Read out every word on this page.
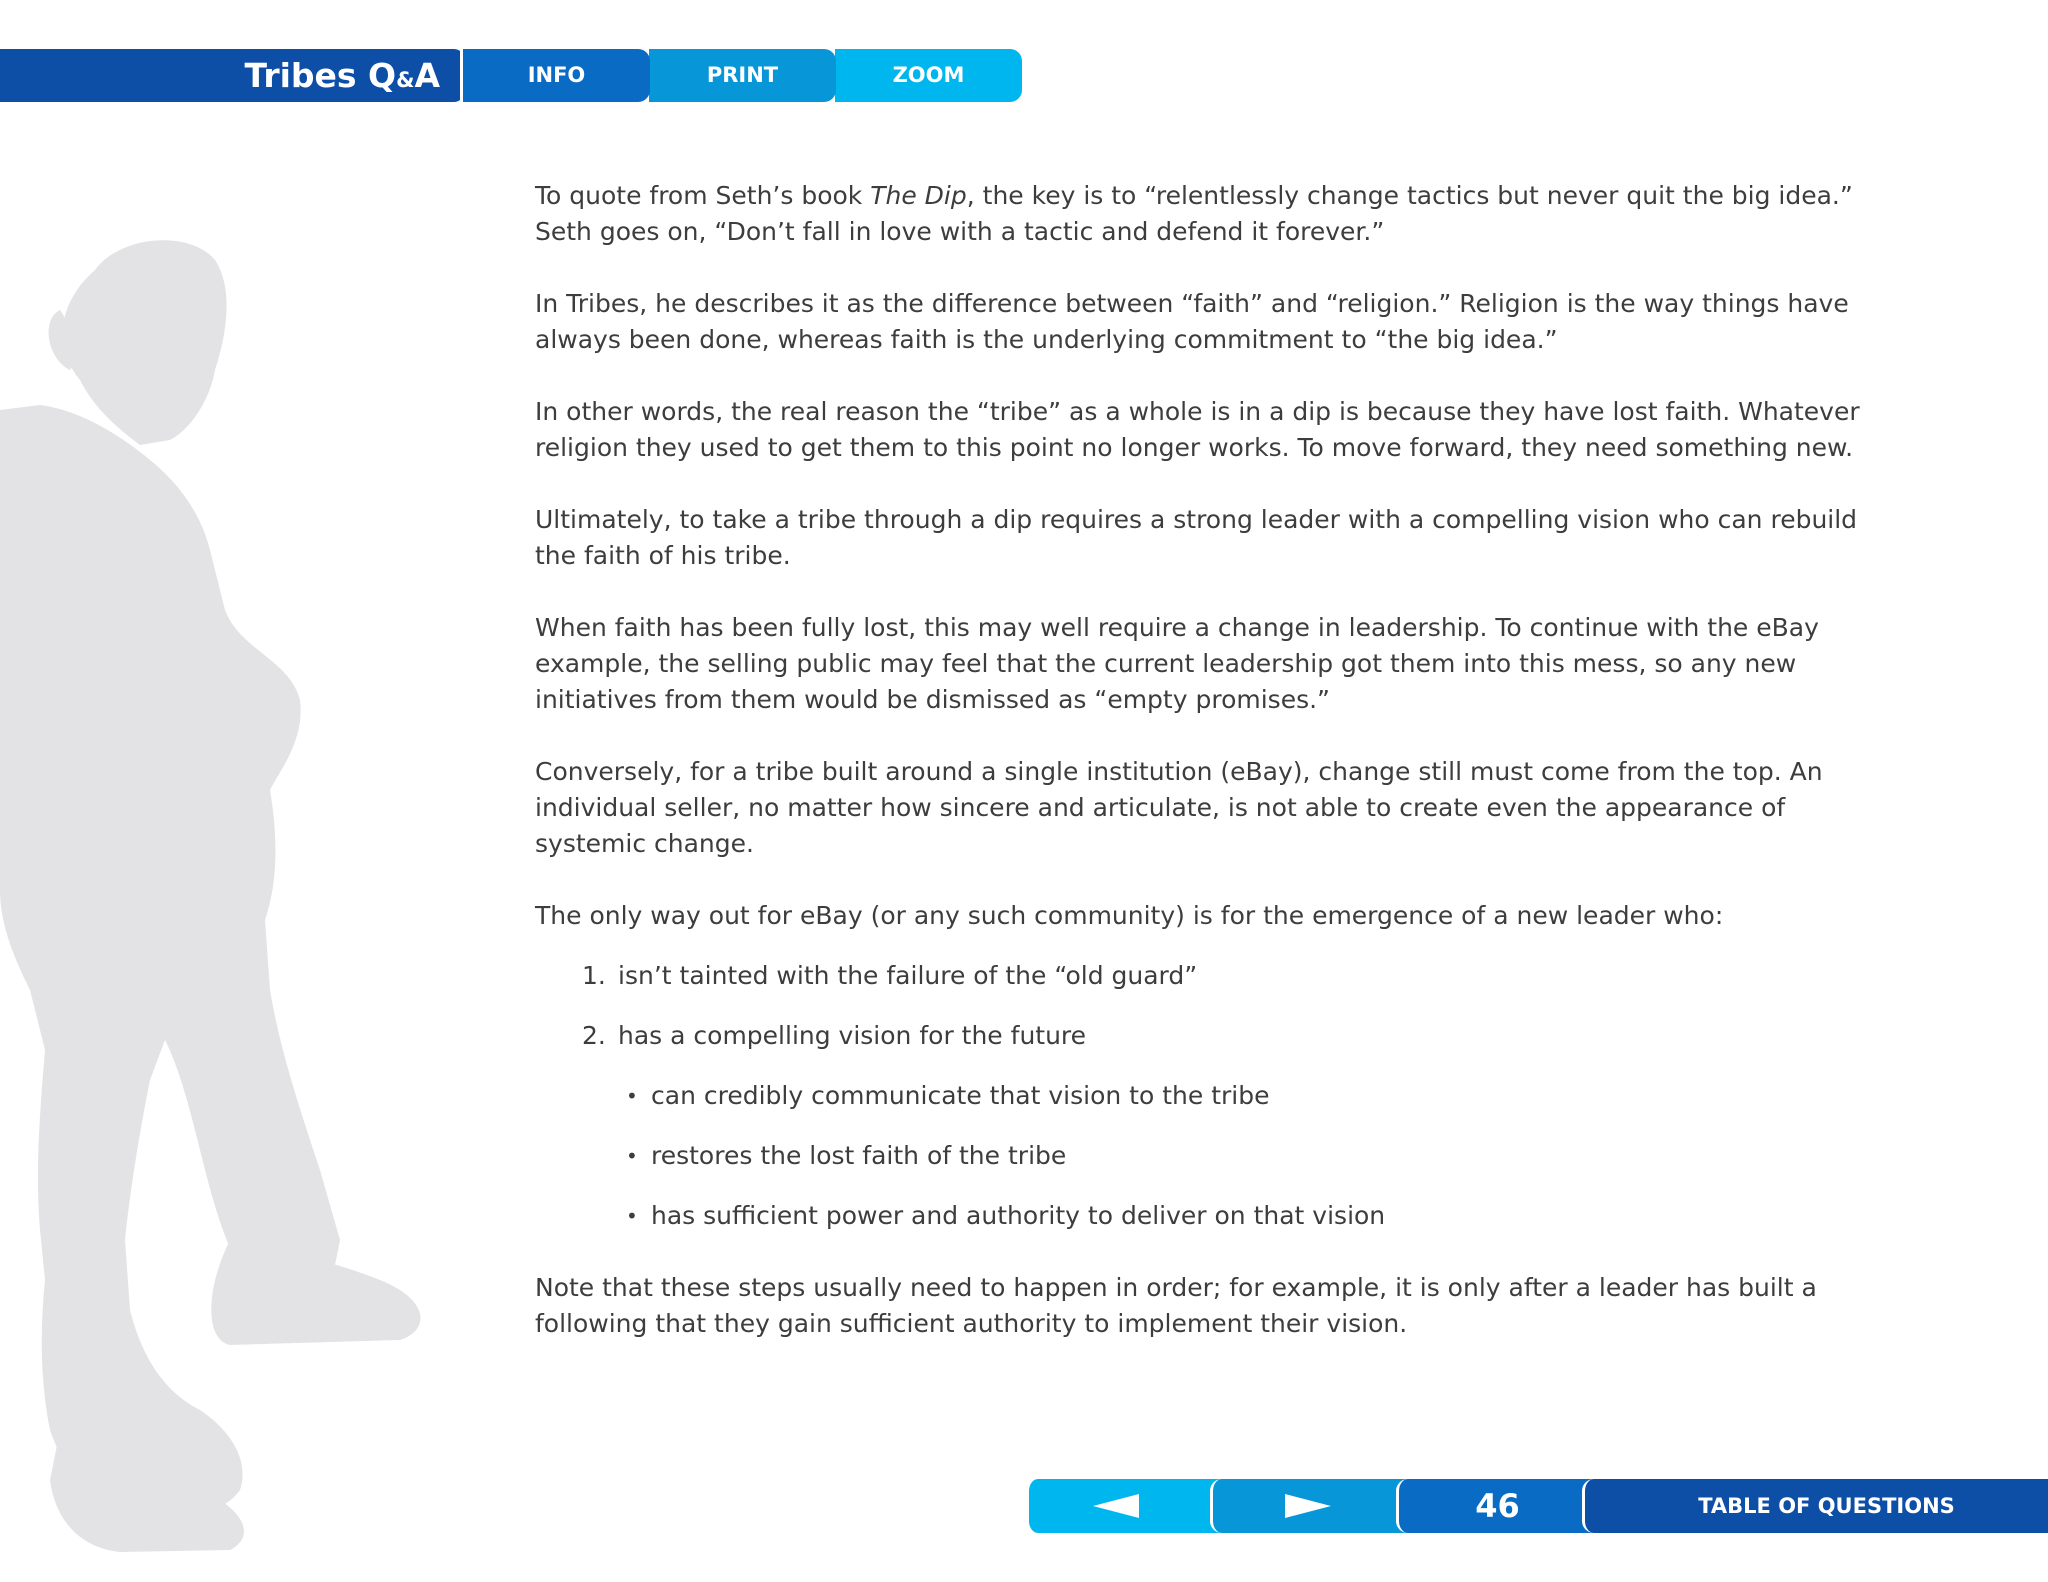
Tribes Q&A	INFO	PRINT	ZOOM

To quote from Seth’s book The Dip, the key is to “relentlessly change tactics but never quit the big idea.” Seth goes on, “Don’t fall in love with a tactic and defend it forever.”

In Tribes, he describes it as the difference between “faith” and “religion.” Religion is the way things have always been done, whereas faith is the underlying commitment to “the big idea.”

In other words, the real reason the “tribe” as a whole is in a dip is because they have lost faith. Whatever religion they used to get them to this point no longer works. To move forward, they need something new.

Ultimately, to take a tribe through a dip requires a strong leader with a compelling vision who can rebuild the faith of his tribe.

When faith has been fully lost, this may well require a change in leadership. To continue with the eBay example, the selling public may feel that the current leadership got them into this mess, so any new initiatives from them would be dismissed as “empty promises.”

Conversely, for a tribe built around a single institution (eBay), change still must come from the top. An individual seller, no matter how sincere and articulate, is not able to create even the appearance of systemic change.

The only way out for eBay (or any such community) is for the emergence of a new leader who:

1. isn’t tainted with the failure of the “old guard”
2. has a compelling vision for the future
• can credibly communicate that vision to the tribe
• restores the lost faith of the tribe
• has sufficient power and authority to deliver on that vision

Note that these steps usually need to happen in order; for example, it is only after a leader has built a following that they gain sufficient authority to implement their vision.

46	TABLE OF QUESTIONS
